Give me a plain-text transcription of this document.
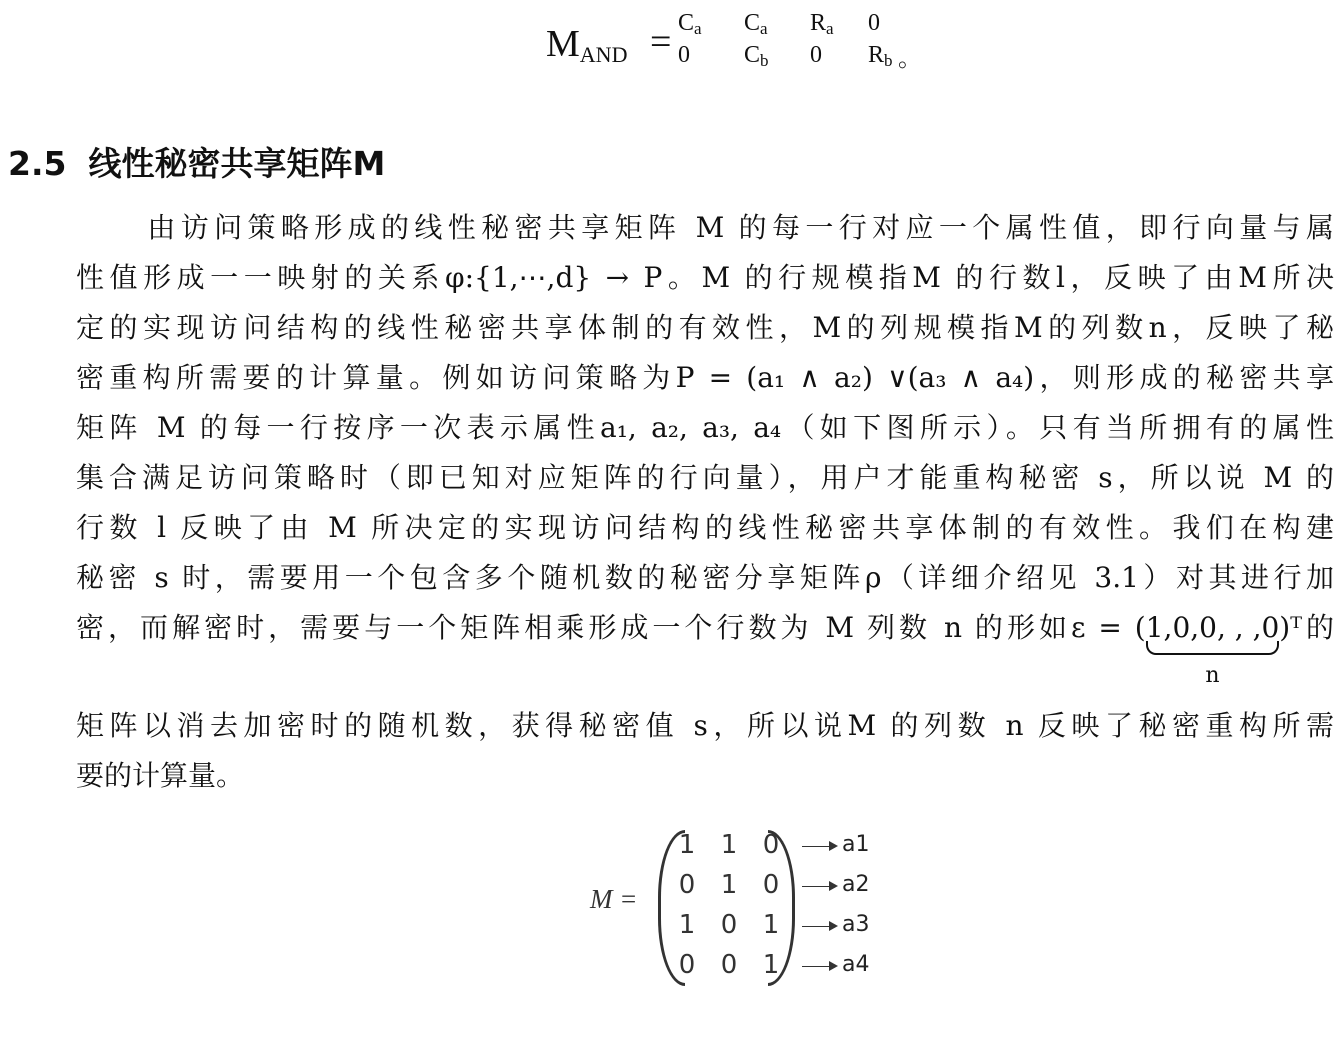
$M_{AND} = C_a$ $C_a$ $R_a$ 0
0 $C_b$ 0 $R_b$ 。
2.5 线性秘密共享矩阵M
由访问策略形成的线性秘密共享矩阵 M 的每一行对应一个属性值，即行向量与属
性值形成一一映射的关系φ:{1,⋯,d} → P。M 的行规模指M 的行数l，反映了由M所决
定的实现访问结构的线性秘密共享体制的有效性，M的列规模指M的列数n，反映了秘
密重构所需要的计算量。例如访问策略为P = (a₁ ∧ a₂) ∨(a₃ ∧ a₄)，则形成的秘密共享
矩阵 M 的每一行按序一次表示属性a₁, a₂, a₃, a₄（如下图所示）。只有当所拥有的属性
集合满足访问策略时（即已知对应矩阵的行向量），用户才能重构秘密 s，所以说 M 的
行数 l 反映了由 M 所决定的实现访问结构的线性秘密共享体制的有效性。我们在构建
秘密 s 时，需要用一个包含多个随机数的秘密分享矩阵ρ（详细介绍见 3.1）对其进行加
密，而解密时，需要与一个矩阵相乘形成一个行数为 M 列数 n 的形如ε = (1,0,0, , ,0
n
)ᵀ的
矩阵以消去加密时的随机数，获得秘密值 s，所以说M 的列数 n 反映了秘密重构所需
要的计算量。
M =
1 1 0	a1
0 1 0	a2
1 0 1	a3
0 0 1	a4
